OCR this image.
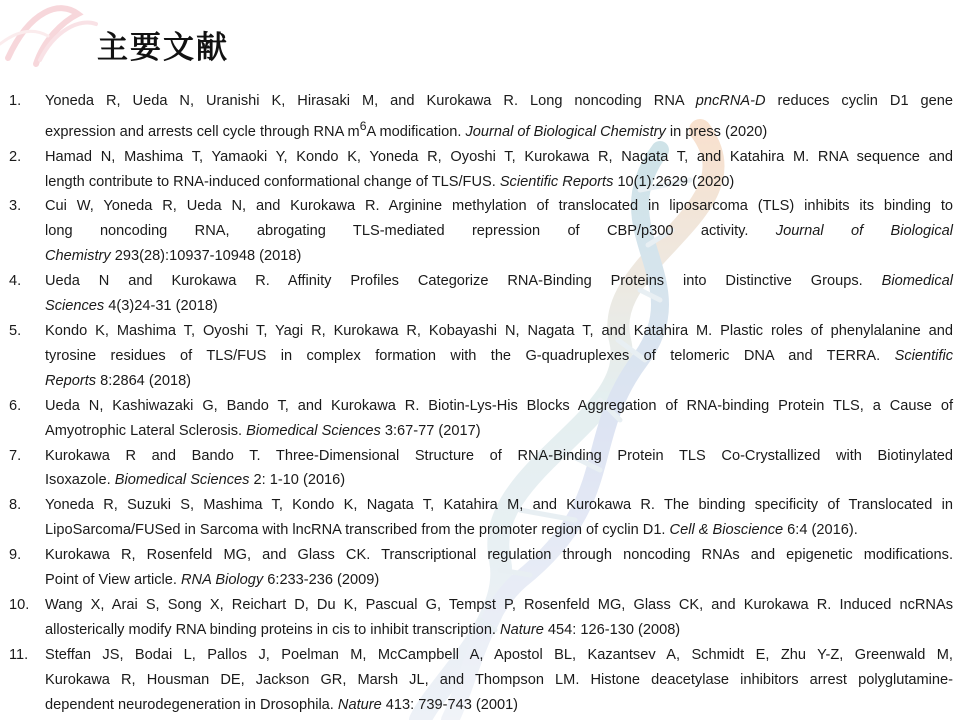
主要文献
1. Yoneda R, Ueda N, Uranishi K, Hirasaki M, and Kurokawa R. Long noncoding RNA pncRNA-D reduces cyclin D1 gene
expression and arrests cell cycle through RNA $m^6A$ modification. Journal of Biological Chemistry in press (2020)
2. Hamad N, Mashima T, Yamaoki Y, Kondo K, Yoneda R, Oyoshi T, Kurokawa R, Nagata T, and Katahira M. RNA sequence and
length contribute to RNA-induced conformational change of TLS/FUS. Scientific Reports 10(1):2629 (2020)
3. Cui W, Yoneda R, Ueda N, and Kurokawa R. Arginine methylation of translocated in liposarcoma (TLS) inhibits its binding to
long noncoding RNA, abrogating TLS-mediated repression of CBP/p300 activity. Journal of Biological
Chemistry 293(28):10937-10948 (2018)
4. Ueda N and Kurokawa R. Affinity Profiles Categorize RNA-Binding Proteins into Distinctive Groups. Biomedical
Sciences 4(3)24-31 (2018)
5. Kondo K, Mashima T, Oyoshi T, Yagi R, Kurokawa R, Kobayashi N, Nagata T, and Katahira M. Plastic roles of phenylalanine and
tyrosine residues of TLS/FUS in complex formation with the G-quadruplexes of telomeric DNA and TERRA. Scientific
Reports 8:2864 (2018)
6. Ueda N, Kashiwazaki G, Bando T, and Kurokawa R. Biotin-Lys-His Blocks Aggregation of RNA-binding Protein TLS, a Cause of
Amyotrophic Lateral Sclerosis. Biomedical Sciences 3:67-77 (2017)
7. Kurokawa R and Bando T. Three-Dimensional Structure of RNA-Binding Protein TLS Co-Crystallized with Biotinylated
Isoxazole. Biomedical Sciences 2: 1-10 (2016)
8. Yoneda R, Suzuki S, Mashima T, Kondo K, Nagata T, Katahira M, and Kurokawa R. The binding specificity of Translocated in
LipoSarcoma/FUSed in Sarcoma with lncRNA transcribed from the promoter region of cyclin D1. Cell & Bioscience 6:4 (2016).
9. Kurokawa R, Rosenfeld MG, and Glass CK. Transcriptional regulation through noncoding RNAs and epigenetic modifications.
Point of View article. RNA Biology 6:233-236 (2009)
10. Wang X, Arai S, Song X, Reichart D, Du K, Pascual G, Tempst P, Rosenfeld MG, Glass CK, and Kurokawa R. Induced ncRNAs
allosterically modify RNA binding proteins in cis to inhibit transcription. Nature 454: 126-130 (2008)
11. Steffan JS, Bodai L, Pallos J, Poelman M, McCampbell A, Apostol BL, Kazantsev A, Schmidt E, Zhu Y-Z, Greenwald M,
Kurokawa R, Housman DE, Jackson GR, Marsh JL, and Thompson LM. Histone deacetylase inhibitors arrest polyglutamine-
dependent neurodegeneration in Drosophila. Nature 413: 739-743 (2001)
